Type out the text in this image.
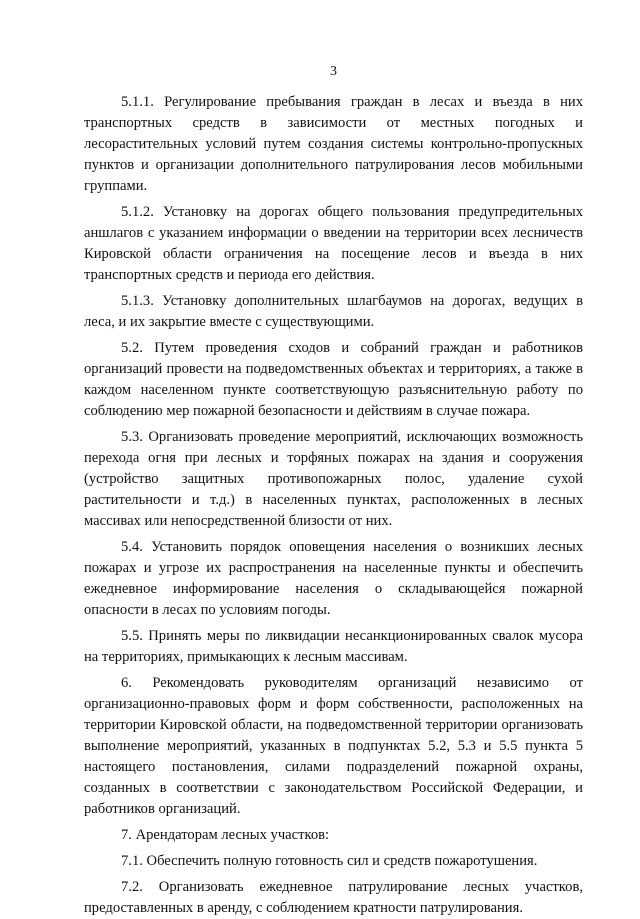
3

5.1.1. Регулирование пребывания граждан в лесах и въезда в них транспортных средств в зависимости от местных погодных и лесорастительных условий путем создания системы контрольно-пропускных пунктов и организации дополнительного патрулирования лесов мобильными группами.

5.1.2. Установку на дорогах общего пользования предупредительных аншлагов с указанием информации о введении на территории всех лесничеств Кировской области ограничения на посещение лесов и въезда в них транспортных средств и периода его действия.

5.1.3. Установку дополнительных шлагбаумов на дорогах, ведущих в леса, и их закрытие вместе с существующими.

5.2. Путем проведения сходов и собраний граждан и работников организаций провести на подведомственных объектах и территориях, а также в каждом населенном пункте соответствующую разъяснительную работу по соблюдению мер пожарной безопасности и действиям в случае пожара.

5.3. Организовать проведение мероприятий, исключающих возможность перехода огня при лесных и торфяных пожарах на здания и сооружения (устройство защитных противопожарных полос, удаление сухой растительности и т.д.) в населенных пунктах, расположенных в лесных массивах или непосредственной близости от них.

5.4. Установить порядок оповещения населения о возникших лесных пожарах и угрозе их распространения на населенные пункты и обеспечить ежедневное информирование населения о складывающейся пожарной опасности в лесах по условиям погоды.

5.5. Принять меры по ликвидации несанкционированных свалок мусора на территориях, примыкающих к лесным массивам.

6. Рекомендовать руководителям организаций независимо от организационно-правовых форм и форм собственности, расположенных на территории Кировской области, на подведомственной территории организовать выполнение мероприятий, указанных в подпунктах 5.2, 5.3 и 5.5 пункта 5 настоящего постановления, силами подразделений пожарной охраны, созданных в соответствии с законодательством Российской Федерации, и работников организаций.

7. Арендаторам лесных участков:

7.1. Обеспечить полную готовность сил и средств пожаротушения.

7.2. Организовать ежедневное патрулирование лесных участков, предоставленных в аренду, с соблюдением кратности патрулирования.
